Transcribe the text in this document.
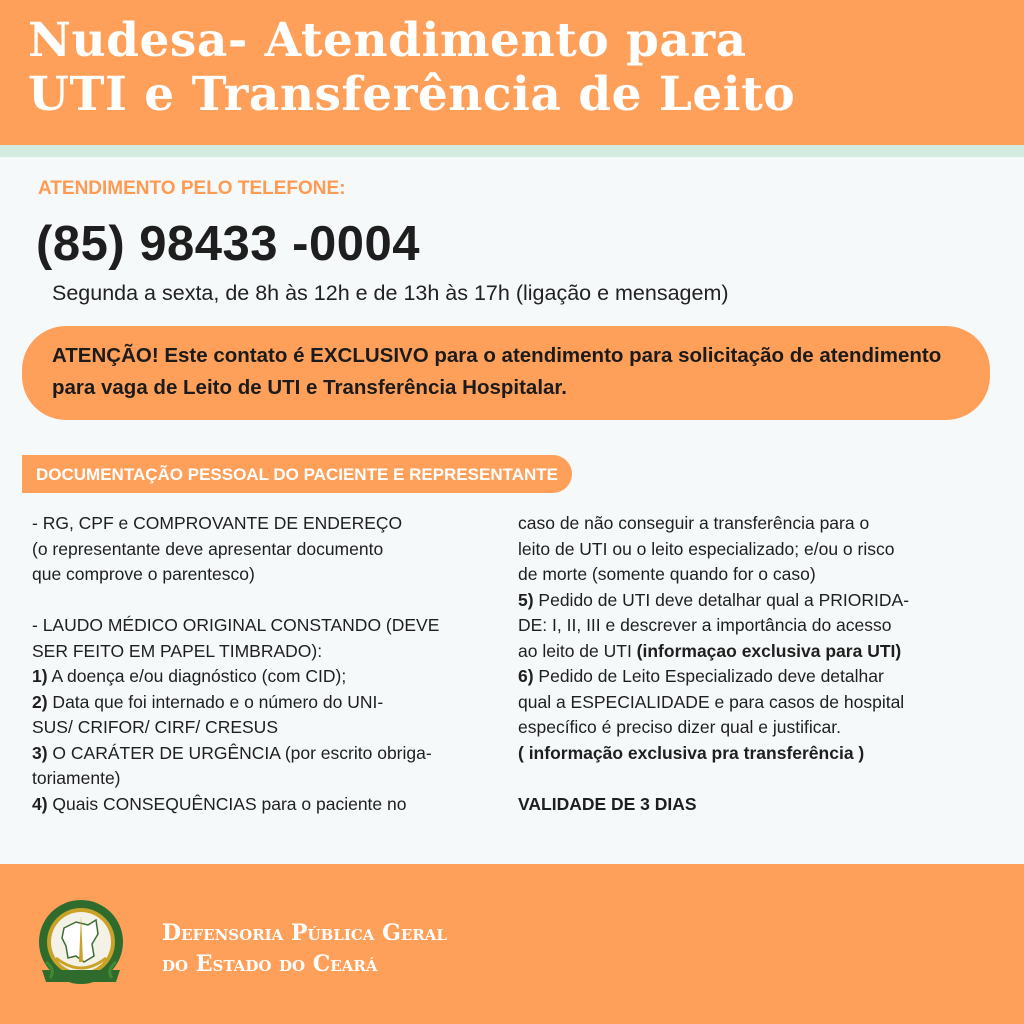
Nudesa- Atendimento para
UTI e Transferência de Leito
ATENDIMENTO PELO TELEFONE:
(85) 98433 -0004
Segunda a sexta, de 8h às 12h e de 13h às 17h (ligação e mensagem)

ATENÇÃO! Este contato é EXCLUSIVO para o atendimento para solicitação de atendimento para vaga de Leito de UTI e Transferência Hospitalar.

DOCUMENTAÇÃO PESSOAL DO PACIENTE E REPRESENTANTE

- RG, CPF e COMPROVANTE DE ENDEREÇO
(o representante deve apresentar documento
que comprove o parentesco)

- LAUDO MÉDICO ORIGINAL CONSTANDO (DEVE
SER FEITO EM PAPEL TIMBRADO):

1) A doença e/ou diagnóstico (com CID);

2) Data que foi internado e o número do UNI-
SUS/ CRIFOR/ CIRF/ CRESUS

3) O CARÁTER DE URGÊNCIA (por escrito obriga-
toriamente)

4) Quais CONSEQUÊNCIAS para o paciente no

caso de não conseguir a transferência para o
leito de UTI ou o leito especializado; e/ou o risco
de morte (somente quando for o caso)

5) Pedido de UTI deve detalhar qual a PRIORIDA-
DE: I, II, III e descrever a importância do acesso
ao leito de UTI (informaçao exclusiva para UTI)

6) Pedido de Leito Especializado deve detalhar
qual a ESPECIALIDADE e para casos de hospital
específico é preciso dizer qual e justificar.

( informação exclusiva pra transferência )

VALIDADE DE 3 DIAS

Defensoria Pública Geral
do Estado do Ceará
